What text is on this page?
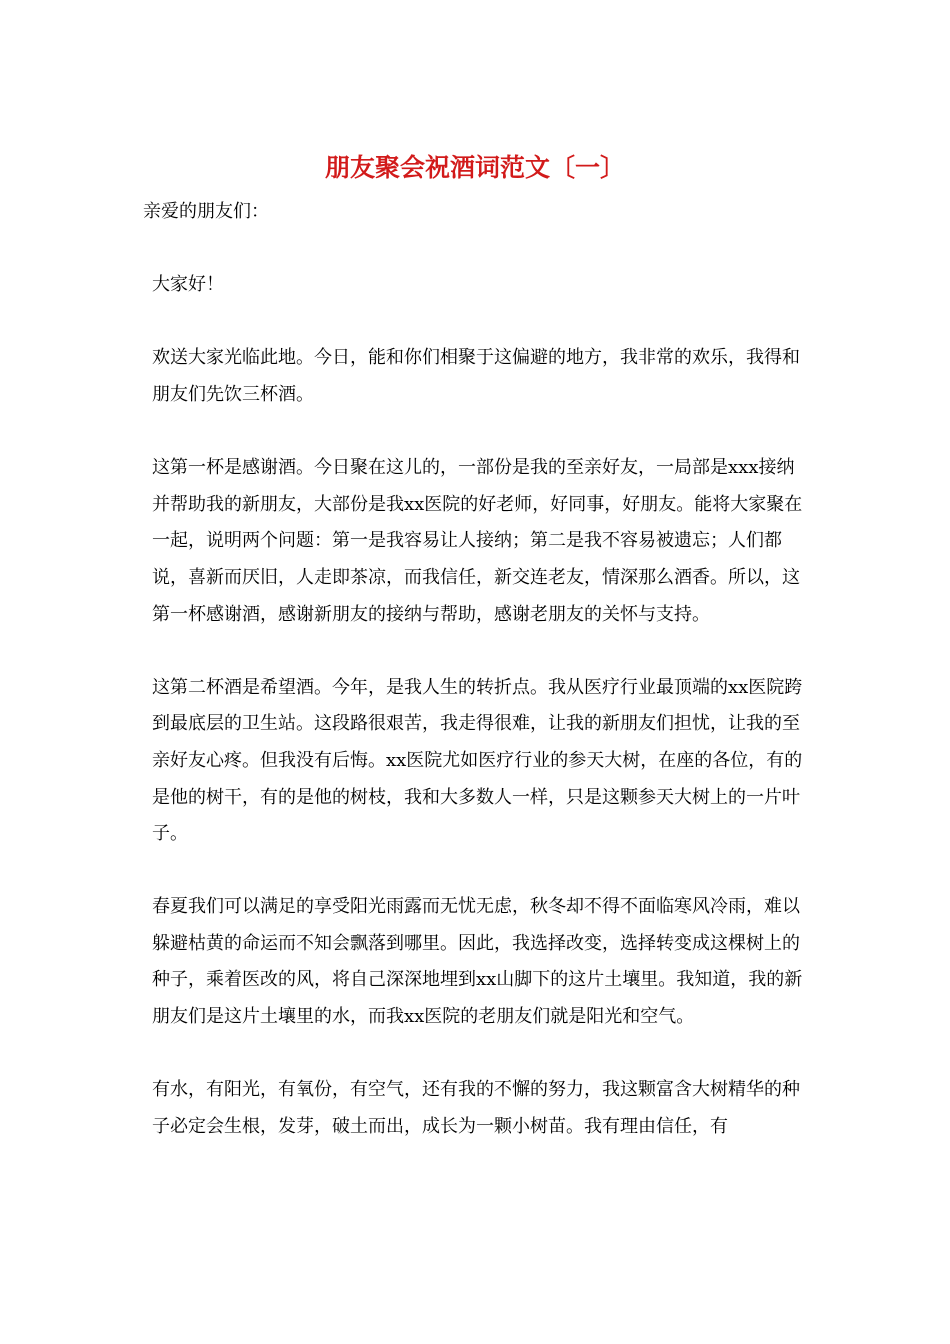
朋友聚会祝酒词范文〔一〕

亲爱的朋友们：

大家好！

欢送大家光临此地。今日，能和你们相聚于这偏避的地方，我非常的欢乐，我得和朋友们先饮三杯酒。

这第一杯是感谢酒。今日聚在这儿的，一部份是我的至亲好友，一局部是xxx接纳并帮助我的新朋友，大部份是我xx医院的好老师，好同事，好朋友。能将大家聚在一起，说明两个问题：第一是我容易让人接纳；第二是我不容易被遗忘；人们都说，喜新而厌旧，人走即茶凉，而我信任，新交连老友，情深那么酒香。所以，这第一杯感谢酒，感谢新朋友的接纳与帮助，感谢老朋友的关怀与支持。

这第二杯酒是希望酒。今年，是我人生的转折点。我从医疗行业最顶端的xx医院跨到最底层的卫生站。这段路很艰苦，我走得很难，让我的新朋友们担忧，让我的至亲好友心疼。但我没有后悔。xx医院尤如医疗行业的参天大树，在座的各位，有的是他的树干，有的是他的树枝，我和大多数人一样，只是这颗参天大树上的一片叶子。

春夏我们可以满足的享受阳光雨露而无忧无虑，秋冬却不得不面临寒风冷雨，难以躲避枯黄的命运而不知会飘落到哪里。因此，我选择改变，选择转变成这棵树上的种子，乘着医改的风，将自己深深地埋到xx山脚下的这片土壤里。我知道，我的新朋友们是这片土壤里的水，而我xx医院的老朋友们就是阳光和空气。

有水，有阳光，有氧份，有空气，还有我的不懈的努力，我这颗富含大树精华的种子必定会生根，发芽，破土而出，成长为一颗小树苗。我有理由信任，有
